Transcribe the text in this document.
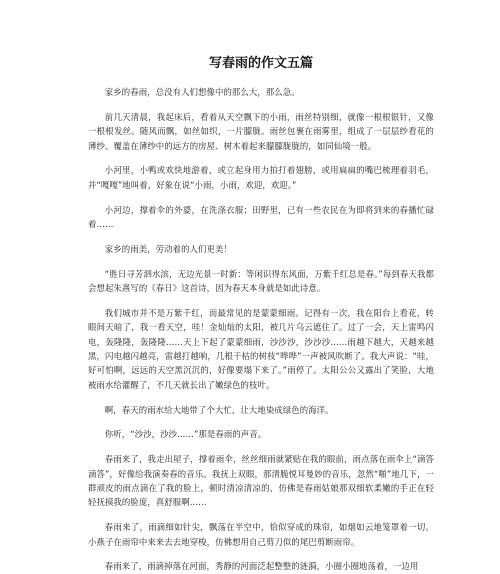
写春雨的作文五篇

家乡的春雨，总没有人们想像中的那么大，那么急。

前几天清晨，我起床后，看着从天空飘下的小雨，雨丝特别细，就像一根根银针，又像一根根发丝。随风而飘，如丝如织，一片朦胧。雨丝包裹在雨雾里，组成了一层层纱看花的薄纱。覆盖在薄纱中的远方的房屋、树木着起来朦朦胧胧的，如同仙境一般。

小河里，小鸭或欢快地游着，或立起身用力拍打着翅膀，或用扁扁的嘴巴梳理着羽毛，并“嘎嘎”地叫着，好象在说“小雨，小雨，欢迎，欢迎。”

小河边，撑着伞的外婆，在洗涤衣服；田野里，已有一些农民在为即将到来的春播忙碌着……

家乡的雨美，劳动着的人们更美！

“胜日寻芳泗水滨，无边光景一时新：等闲识得东风面，万紫千红总是春。”每到春天我都会想起朱熹写的《春日》这首诗，因为春天本身就是如此诗意。

我们城市并不是万紫千红，而最常见的是蒙蒙细雨。记得有一次，我在阳台上看花，转眼间天暗了，我一看天空，哇！金灿灿的太阳，被几片乌云遮住了。过了一会，天上雷鸣闪电，轰隆隆，轰隆隆……天上下起了蒙蒙细雨，沙沙沙，沙沙沙……雨越下越大，天越来越黑，闪电越闪越亮，雷越打越响，几根干枯的树枝“哗哗”一声被风吹断了。我大声说：“哇，好可怕啊，远远的天空黑沉沉的，好像要塌下来了。”雨停了。太阳公公又露出了笑脸，大地被雨水给灌醒了，不几天就长出了嫩绿色的枝叶。

啊，春天的雨水给大地带了个大忙，让大地染成绿色的海洋。

你听，“沙沙，沙沙……”那是春雨的声音。

春雨来了，我走出屋子，撑着雨伞，丝丝细雨就紧贴在我的眼前，雨点落在雨伞上“滴答滴答”，好像给我演奏春的音乐。我抚上双眼，那清脆悦耳曼妙的音乐，忽然“啪”地几下，一群顽皮的雨点滴在了我的脸上，顿时清凉清凉的，仿佛是春雨姑娘那双细软柔嫩的手正在轻轻抚摸我的脸庞，真舒服啊……

春雨来了，雨滴细如针尖，飘荡在半空中，恰似穿成的珠帘，如烟如云地笼罩着一切。小燕子在雨帘中来来去去地穿梭，仿佛想用自己剪刀似的尾巴剪断雨帘。

春雨来了，雨滴掉落在河面，秀静的河面泛起整整的涟漪，小圈小圈地荡着，一边用
